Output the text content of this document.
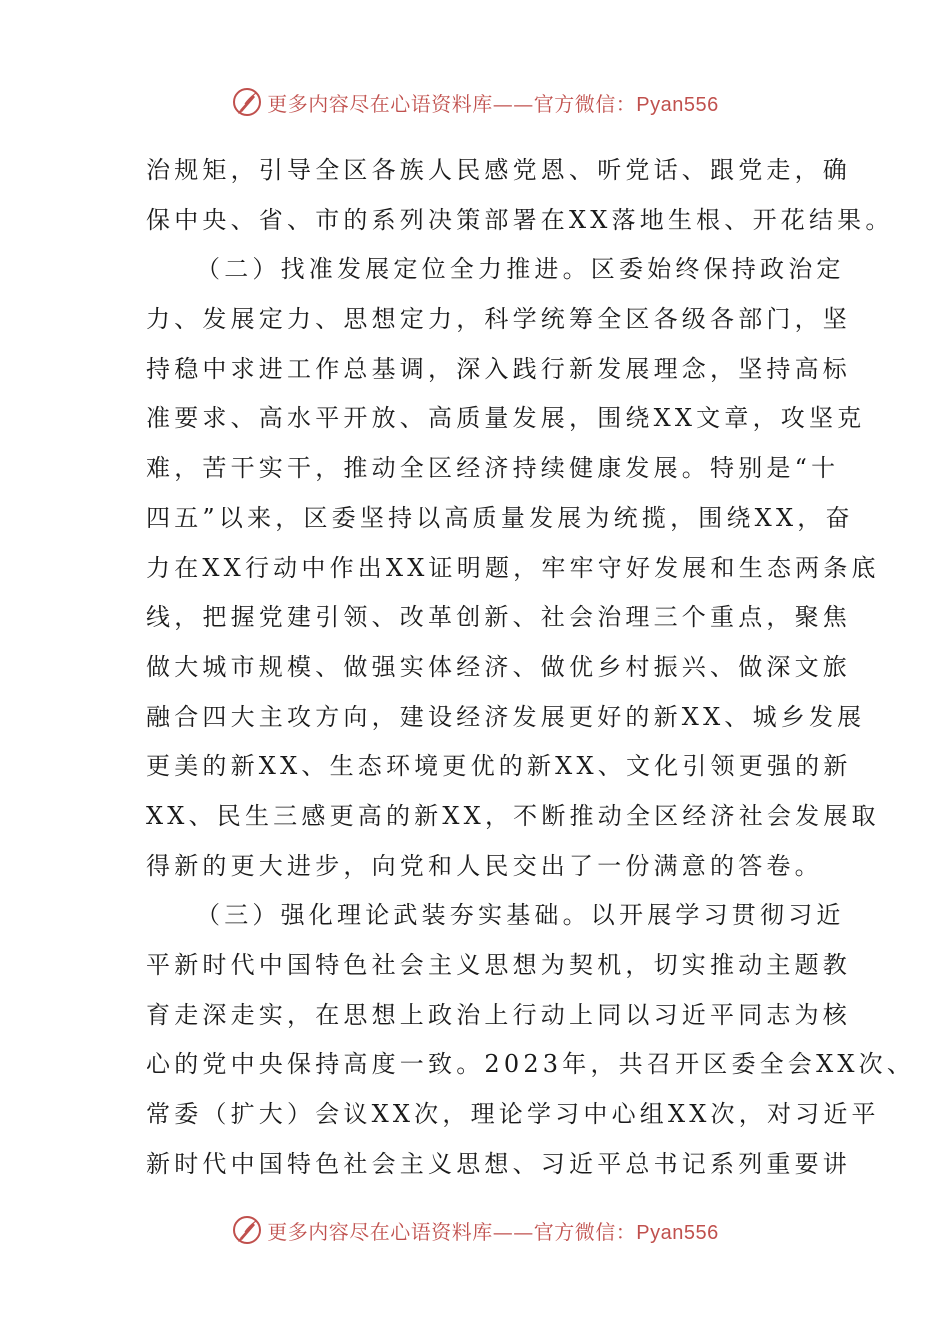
更多内容尽在心语资料库——官方微信：Pyan556
治规矩，引导全区各族人民感党恩、听党话、跟党走，确
保中央、省、市的系列决策部署在XX落地生根、开花结果。
（二）找准发展定位全力推进。区委始终保持政治定
力、发展定力、思想定力，科学统筹全区各级各部门，坚
持稳中求进工作总基调，深入践行新发展理念，坚持高标
准要求、高水平开放、高质量发展，围绕XX文章，攻坚克
难，苦干实干，推动全区经济持续健康发展。特别是“十
四五”以来，区委坚持以高质量发展为统揽，围绕XX，奋
力在XX行动中作出XX证明题，牢牢守好发展和生态两条底
线，把握党建引领、改革创新、社会治理三个重点，聚焦
做大城市规模、做强实体经济、做优乡村振兴、做深文旅
融合四大主攻方向，建设经济发展更好的新XX、城乡发展
更美的新XX、生态环境更优的新XX、文化引领更强的新
XX、民生三感更高的新XX，不断推动全区经济社会发展取
得新的更大进步，向党和人民交出了一份满意的答卷。
（三）强化理论武装夯实基础。以开展学习贯彻习近
平新时代中国特色社会主义思想为契机，切实推动主题教
育走深走实，在思想上政治上行动上同以习近平同志为核
心的党中央保持高度一致。2023年，共召开区委全会XX次、
常委（扩大）会议XX次，理论学习中心组XX次，对习近平
新时代中国特色社会主义思想、习近平总书记系列重要讲
更多内容尽在心语资料库——官方微信：Pyan556
